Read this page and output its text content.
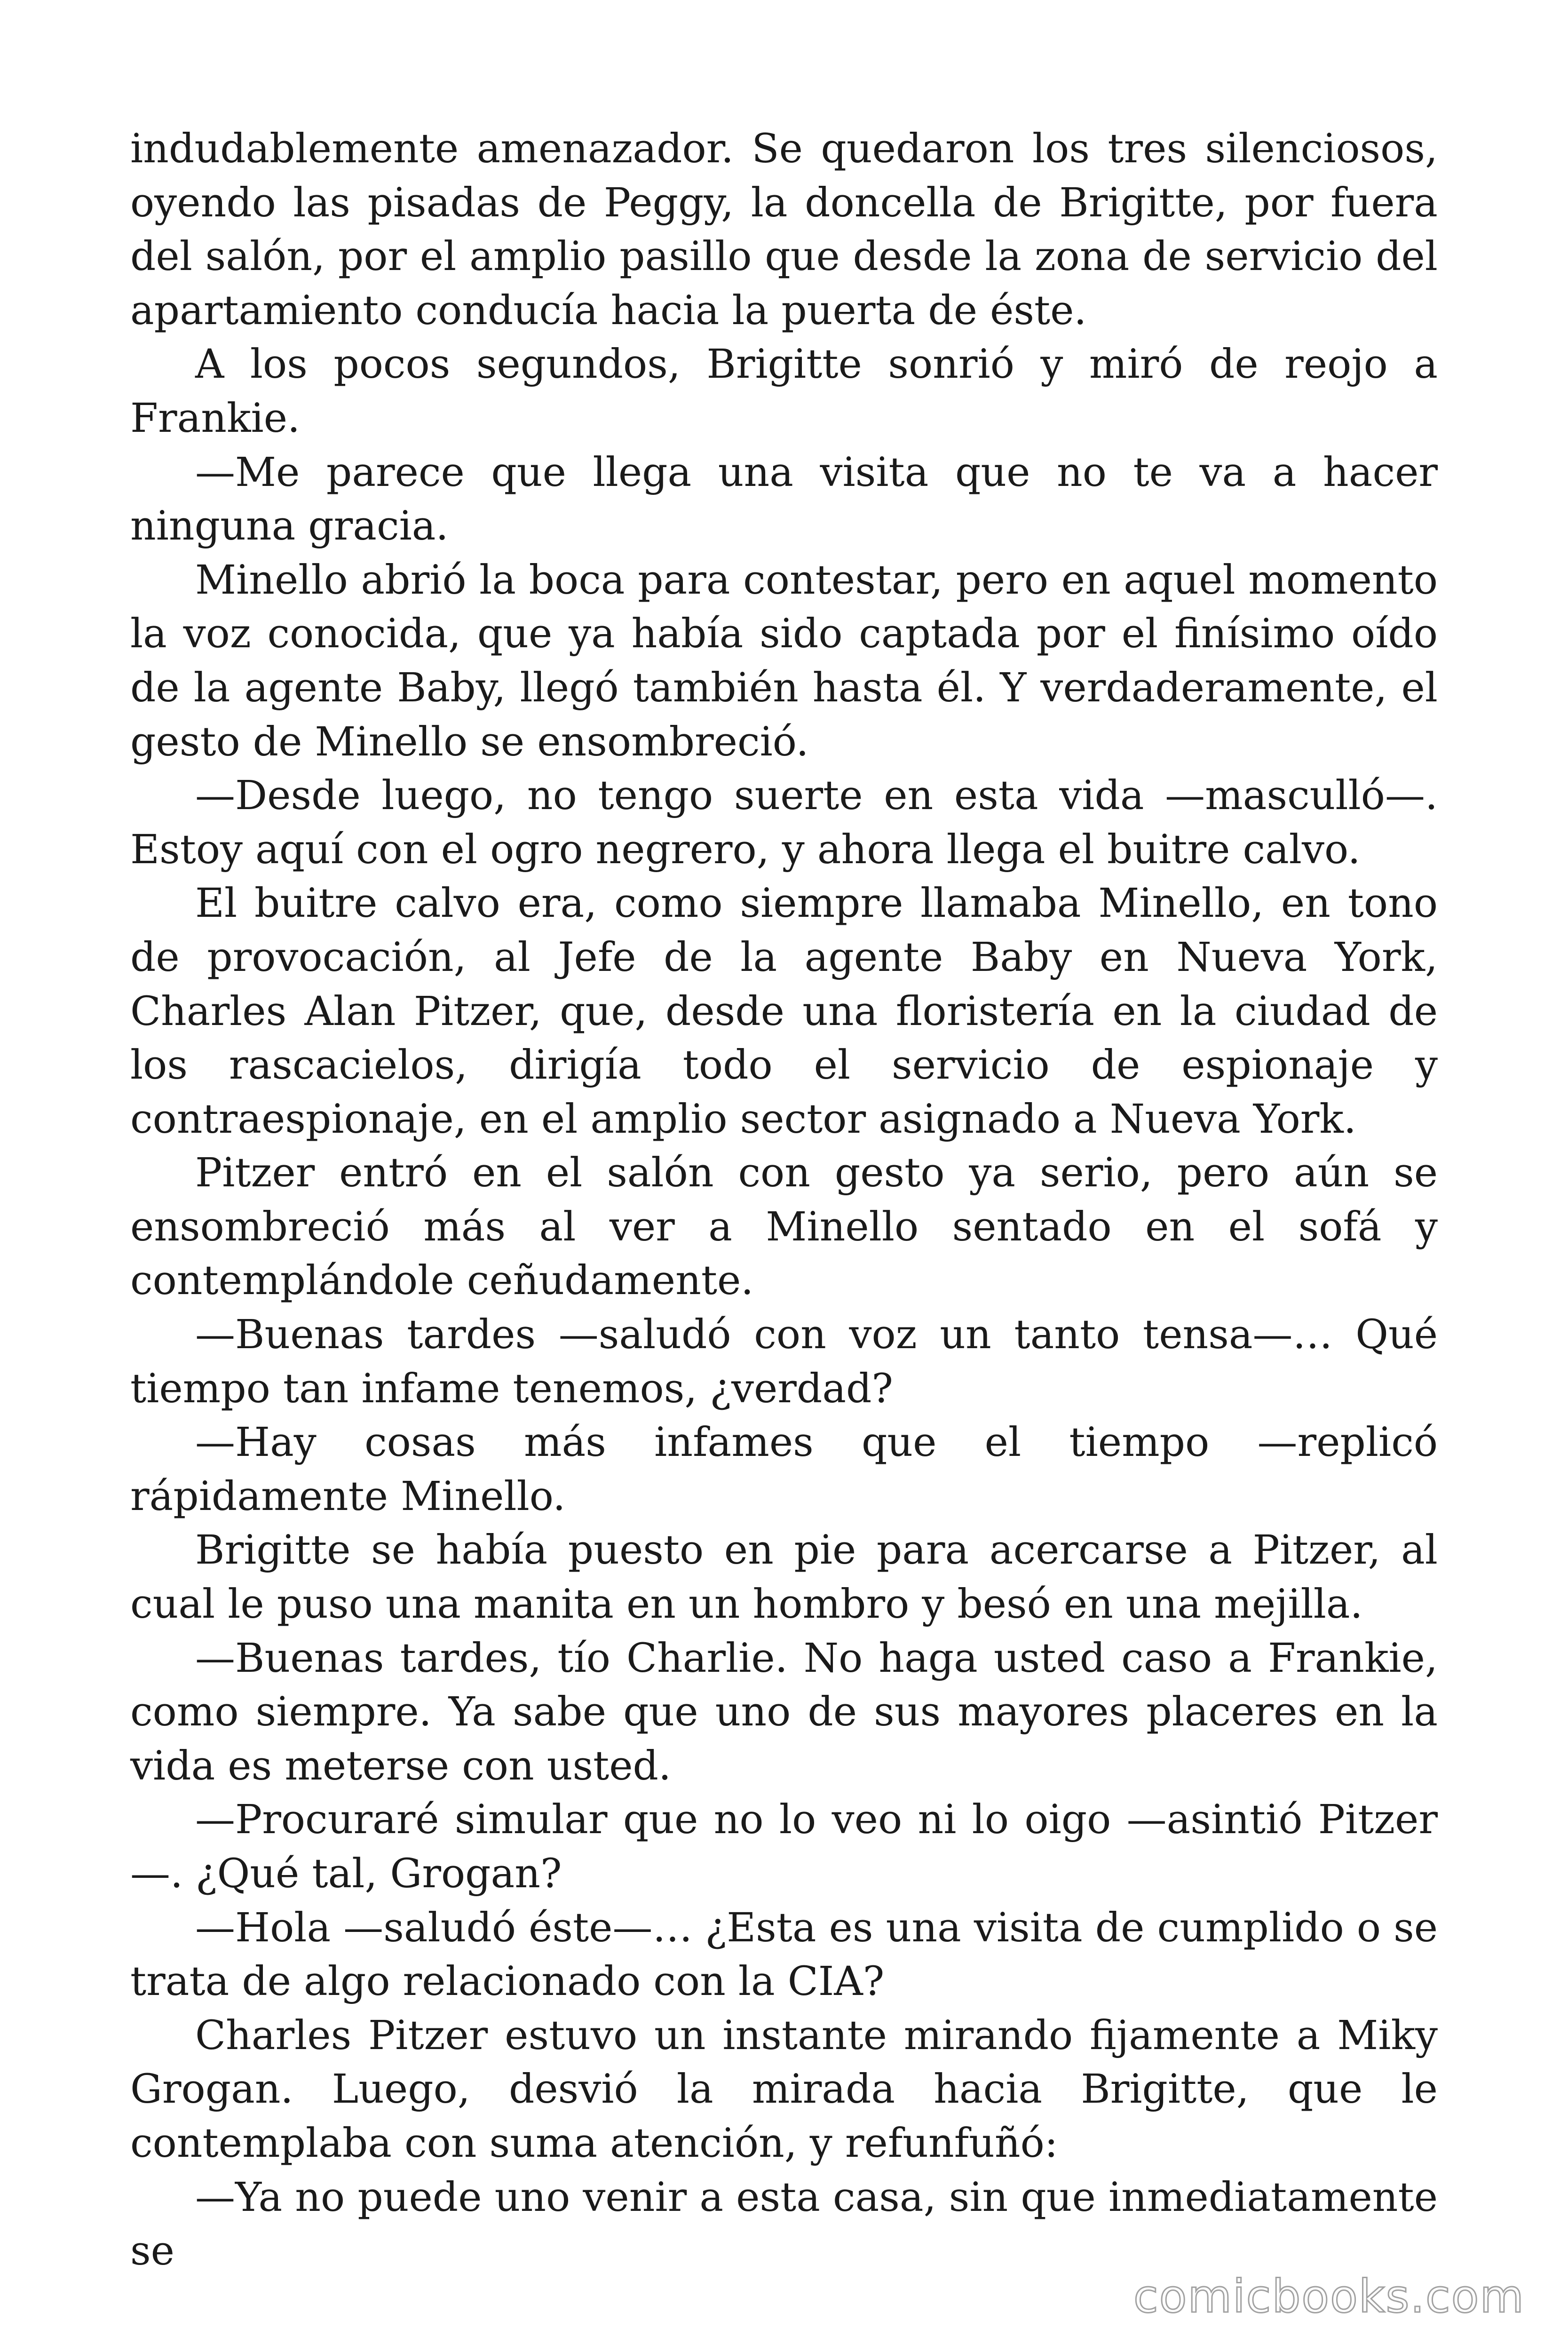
indudablemente amenazador. Se quedaron los tres silenciosos, oyendo las pisadas de Peggy, la doncella de Brigitte, por fuera del salón, por el amplio pasillo que desde la zona de servicio del apartamiento conducía hacia la puerta de éste.

A los pocos segundos, Brigitte sonrió y miró de reojo a Frankie.

—Me parece que llega una visita que no te va a hacer ninguna gracia.

Minello abrió la boca para contestar, pero en aquel momento la voz conocida, que ya había sido captada por el finísimo oído de la agente Baby, llegó también hasta él. Y verdaderamente, el gesto de Minello se ensombreció.

—Desde luego, no tengo suerte en esta vida —masculló—. Estoy aquí con el ogro negrero, y ahora llega el buitre calvo.

El buitre calvo era, como siempre llamaba Minello, en tono de provocación, al Jefe de la agente Baby en Nueva York, Charles Alan Pitzer, que, desde una floristería en la ciudad de los rascacielos, dirigía todo el servicio de espionaje y contraespionaje, en el amplio sector asignado a Nueva York.

Pitzer entró en el salón con gesto ya serio, pero aún se ensombreció más al ver a Minello sentado en el sofá y contemplándole ceñudamente.

—Buenas tardes —saludó con voz un tanto tensa—… Qué tiempo tan infame tenemos, ¿verdad?

—Hay cosas más infames que el tiempo —replicó rápidamente Minello.

Brigitte se había puesto en pie para acercarse a Pitzer, al cual le puso una manita en un hombro y besó en una mejilla.

—Buenas tardes, tío Charlie. No haga usted caso a Frankie, como siempre. Ya sabe que uno de sus mayores placeres en la vida es meterse con usted.

—Procuraré simular que no lo veo ni lo oigo —asintió Pitzer—. ¿Qué tal, Grogan?

—Hola —saludó éste—… ¿Esta es una visita de cumplido o se trata de algo relacionado con la CIA?

Charles Pitzer estuvo un instante mirando fijamente a Miky Grogan. Luego, desvió la mirada hacia Brigitte, que le contemplaba con suma atención, y refunfuñó:

—Ya no puede uno venir a esta casa, sin que inmediatamente se

comicbooks.com
